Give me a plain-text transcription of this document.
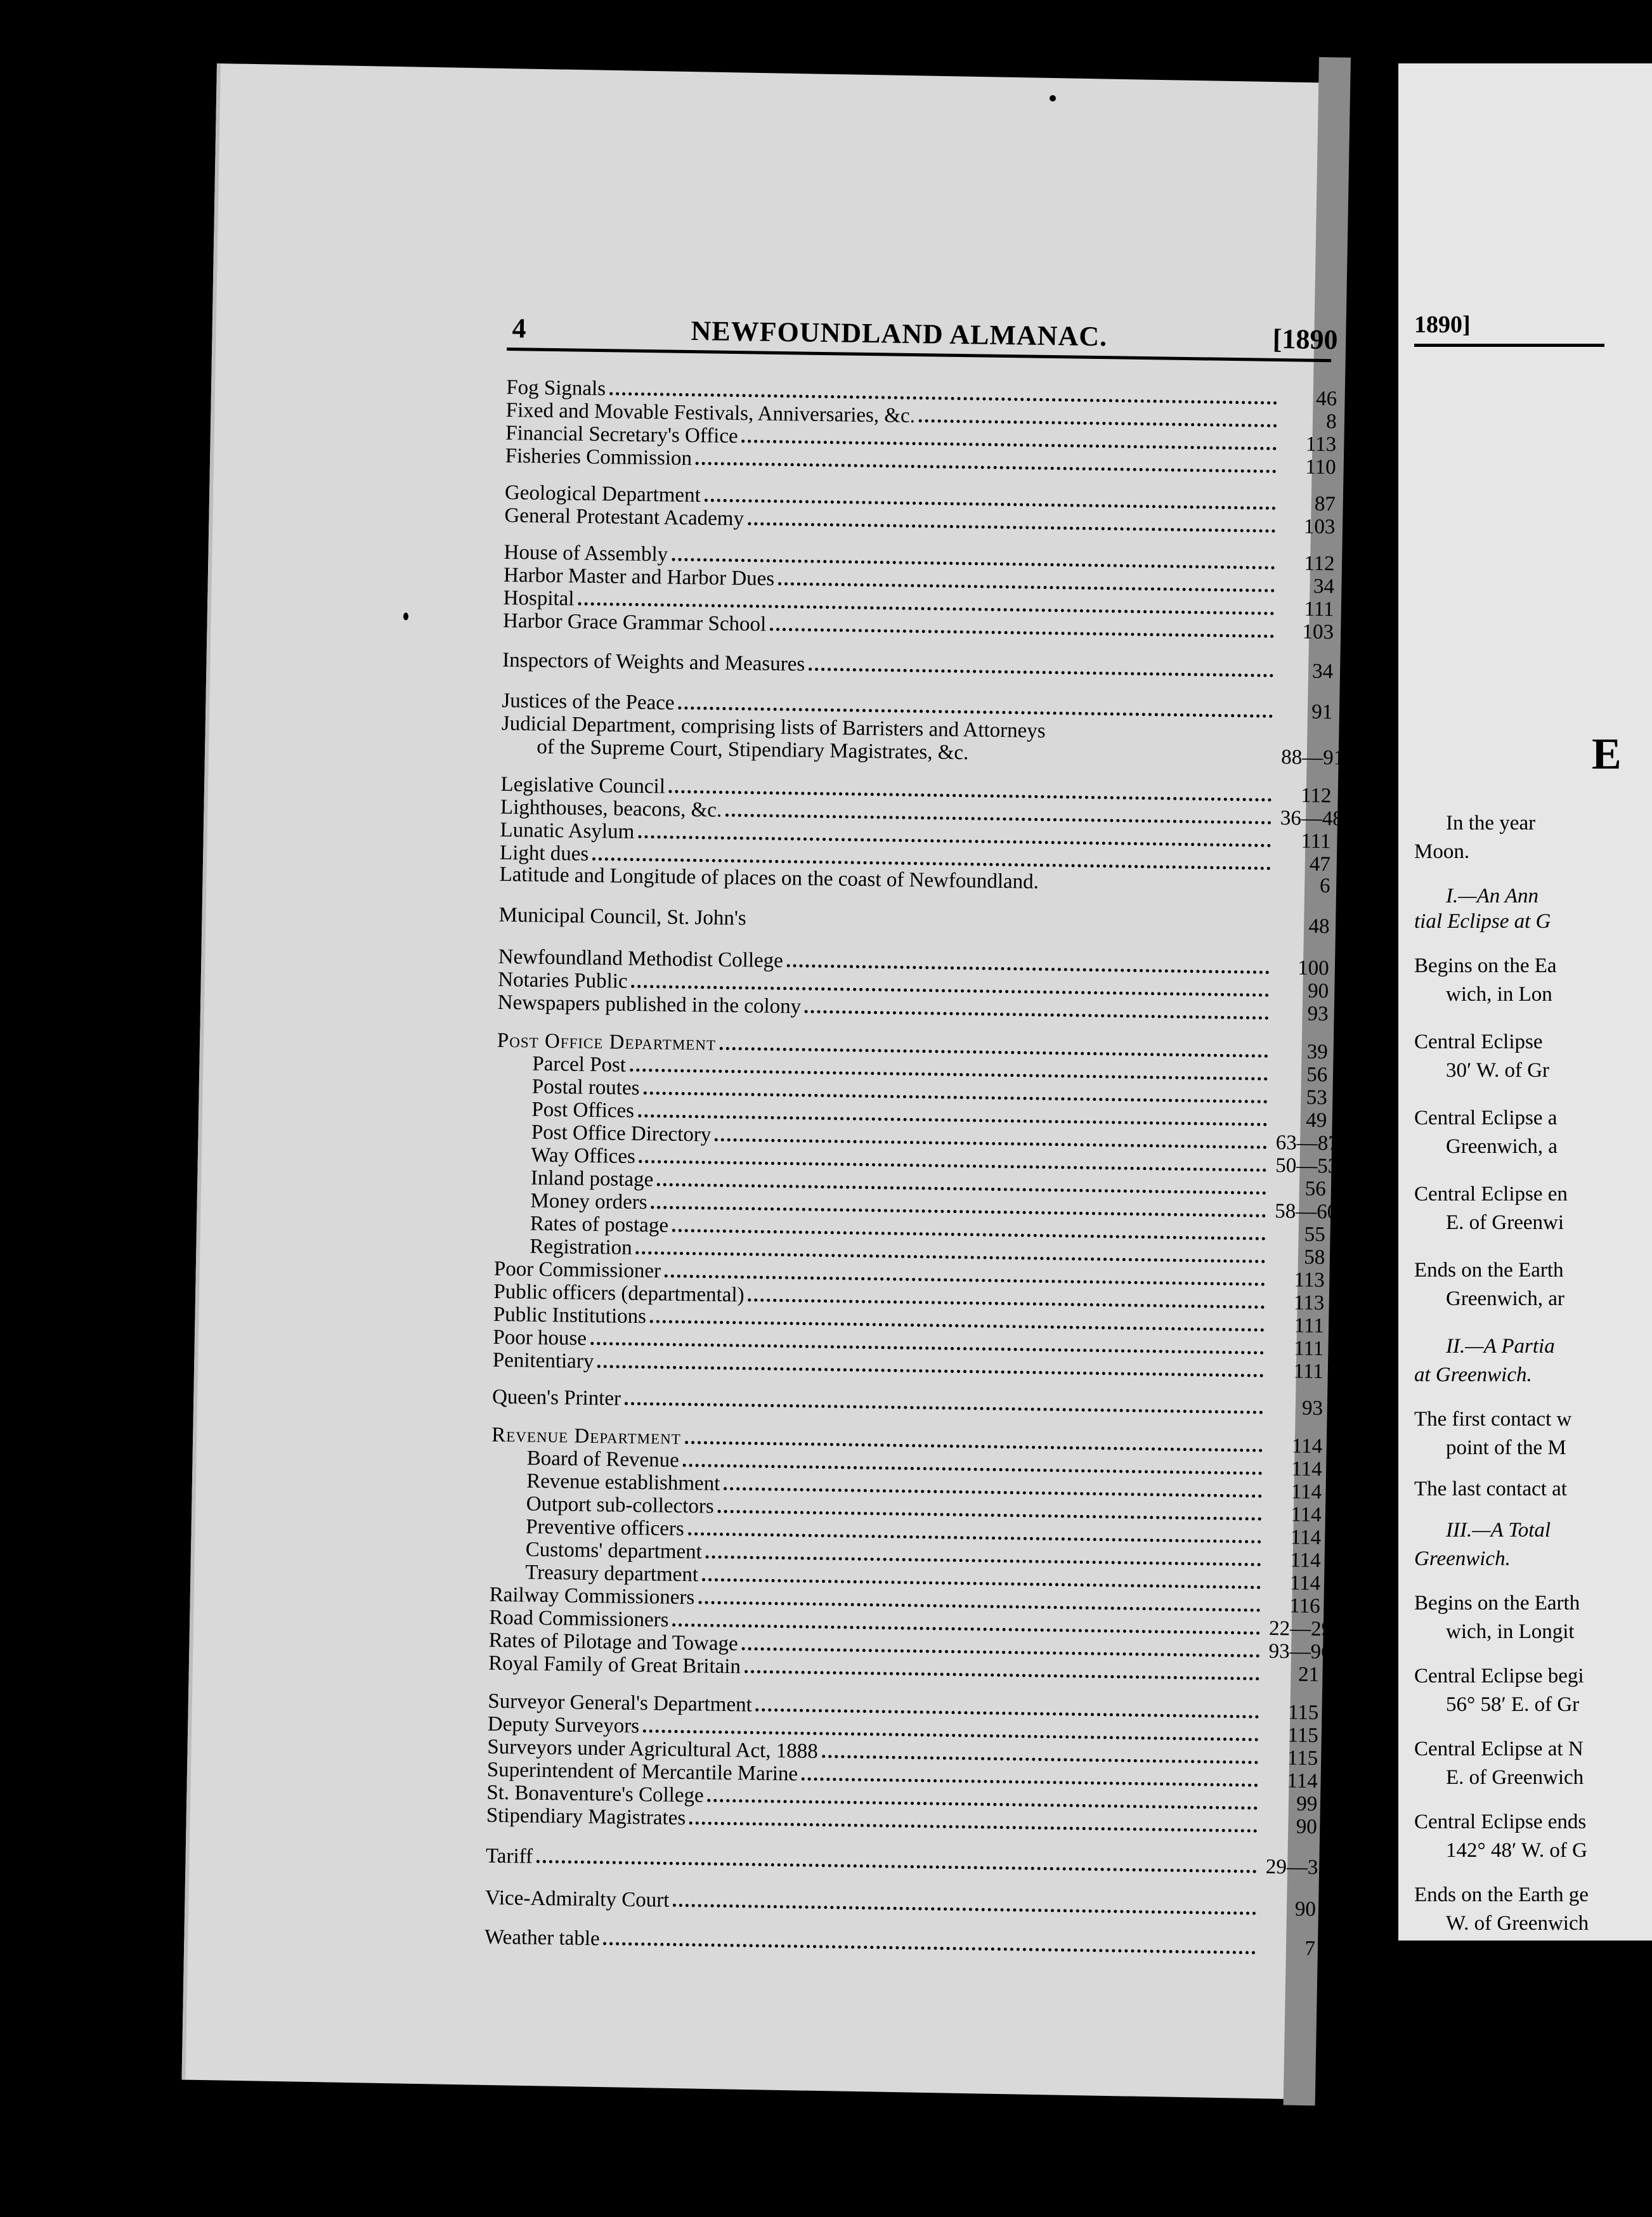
4	NEWFOUNDLAND ALMANAC.	[1890
Fog Signals	46
Fixed and Movable Festivals, Anniversaries, &c.	8
Financial Secretary's Office	113
Fisheries Commission	110
Geological Department	87
General Protestant Academy	103
House of Assembly	112
Harbor Master and Harbor Dues	34
Hospital	111
Harbor Grace Grammar School	103
Inspectors of Weights and Measures	34
Justices of the Peace	91
Judicial Department, comprising lists of Barristers and Attorneys
of the Supreme Court, Stipendiary Magistrates, &c.	88—91
Legislative Council	112
Lighthouses, beacons, &c.	36—48
Lunatic Asylum	111
Light dues	47
Latitude and Longitude of places on the coast of Newfoundland.	6
Municipal Council, St. John's	48
Newfoundland Methodist College	100
Notaries Public	90
Newspapers published in the colony	93
Post Office Department	39
Parcel Post	56
Postal routes	53
Post Offices	49
Post Office Directory	63—87
Way Offices	50—53
Inland postage	56
Money orders	58—60
Rates of postage	55
Registration	58
Poor Commissioner	113
Public officers (departmental)	113
Public Institutions	111
Poor house	111
Penitentiary	111
Queen's Printer	93
Revenue Department	114
Board of Revenue	114
Revenue establishment	114
Outport sub-collectors	114
Preventive officers	114
Customs' department	114
Treasury department	114
Railway Commissioners	116
Road Commissioners	22—29
Rates of Pilotage and Towage	93—96
Royal Family of Great Britain	21
Surveyor General's Department	115
Deputy Surveyors	115
Surveyors under Agricultural Act, 1888	115
Superintendent of Mercantile Marine	114
St. Bonaventure's College	99
Stipendiary Magistrates	90
Tariff	29—32
Vice-Admiralty Court	90
Weather table	7
1890]
E
In the year
Moon.
I.—An Ann
tial Eclipse at G
Begins on the Ea
wich, in Lon
Central Eclipse
30′ W. of Gr
Central Eclipse a
Greenwich, a
Central Eclipse en
E. of Greenwi
Ends on the Earth
Greenwich, ar
II.—A Partia
at Greenwich.
The first contact w
point of the M
The last contact at
III.—A Total
Greenwich.
Begins on the Earth
wich, in Longit
Central Eclipse begi
56° 58′ E. of Gr
Central Eclipse at N
E. of Greenwich
Central Eclipse ends
142° 48′ W. of G
Ends on the Earth ge
W. of Greenwich
